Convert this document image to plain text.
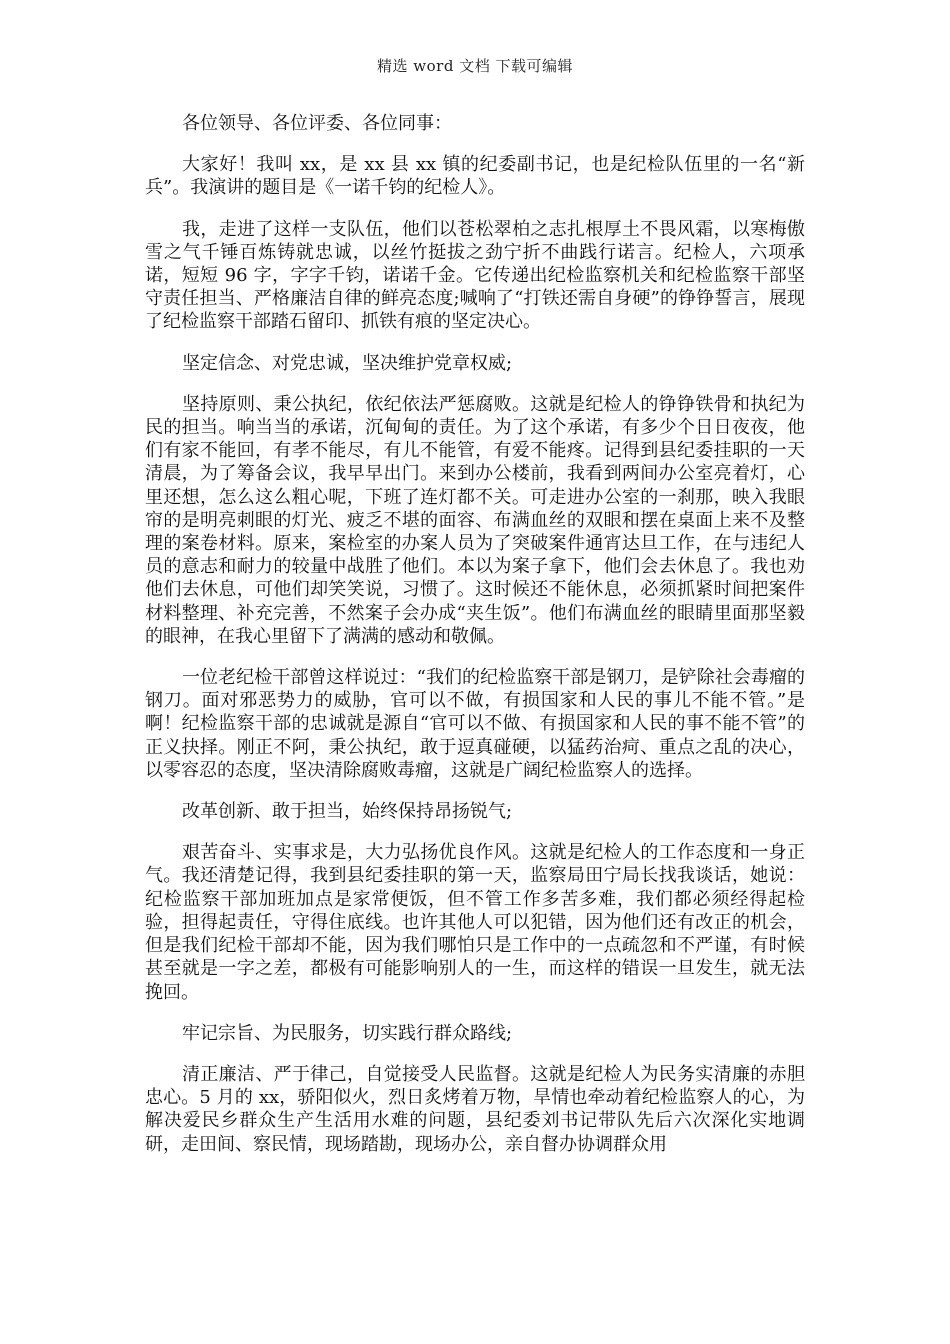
精选 word 文档 下载可编辑

各位领导、各位评委、各位同事：

大家好！我叫 xx，是 xx 县 xx 镇的纪委副书记，也是纪检队伍里的一名“新兵”。我演讲的题目是《一诺千钧的纪检人》。

我，走进了这样一支队伍，他们以苍松翠柏之志扎根厚土不畏风霜，以寒梅傲雪之气千锤百炼铸就忠诚，以丝竹挺拔之劲宁折不曲践行诺言。纪检人，六项承诺，短短 96 字，字字千钧，诺诺千金。它传递出纪检监察机关和纪检监察干部坚守责任担当、严格廉洁自律的鲜亮态度;喊响了“打铁还需自身硬”的铮铮誓言，展现了纪检监察干部踏石留印、抓铁有痕的坚定决心。

坚定信念、对党忠诚，坚决维护党章权威;

坚持原则、秉公执纪，依纪依法严惩腐败。这就是纪检人的铮铮铁骨和执纪为民的担当。响当当的承诺，沉甸甸的责任。为了这个承诺，有多少个日日夜夜，他们有家不能回，有孝不能尽，有儿不能管，有爱不能疼。记得到县纪委挂职的一天清晨，为了筹备会议，我早早出门。来到办公楼前，我看到两间办公室亮着灯，心里还想，怎么这么粗心呢，下班了连灯都不关。可走进办公室的一刹那，映入我眼帘的是明亮刺眼的灯光、疲乏不堪的面容、布满血丝的双眼和摆在桌面上来不及整理的案卷材料。原来，案检室的办案人员为了突破案件通宵达旦工作，在与违纪人员的意志和耐力的较量中战胜了他们。本以为案子拿下，他们会去休息了。我也劝他们去休息，可他们却笑笑说，习惯了。这时候还不能休息，必须抓紧时间把案件材料整理、补充完善，不然案子会办成“夹生饭”。他们布满血丝的眼睛里面那坚毅的眼神，在我心里留下了满满的感动和敬佩。

一位老纪检干部曾这样说过：“我们的纪检监察干部是钢刀，是铲除社会毒瘤的钢刀。面对邪恶势力的威胁，官可以不做，有损国家和人民的事儿不能不管。”是啊！纪检监察干部的忠诚就是源自“官可以不做、有损国家和人民的事不能不管”的正义抉择。刚正不阿，秉公执纪，敢于逗真碰硬，以猛药治疴、重点之乱的决心，以零容忍的态度，坚决清除腐败毒瘤，这就是广阔纪检监察人的选择。

改革创新、敢于担当，始终保持昂扬锐气;

艰苦奋斗、实事求是，大力弘扬优良作风。这就是纪检人的工作态度和一身正气。我还清楚记得，我到县纪委挂职的第一天，监察局田宁局长找我谈话，她说：纪检监察干部加班加点是家常便饭，但不管工作多苦多难，我们都必须经得起检验，担得起责任，守得住底线。也许其他人可以犯错，因为他们还有改正的机会，但是我们纪检干部却不能，因为我们哪怕只是工作中的一点疏忽和不严谨，有时候甚至就是一字之差，都极有可能影响别人的一生，而这样的错误一旦发生，就无法挽回。

牢记宗旨、为民服务，切实践行群众路线;

清正廉洁、严于律己，自觉接受人民监督。这就是纪检人为民务实清廉的赤胆忠心。5 月的 xx，骄阳似火，烈日炙烤着万物，旱情也牵动着纪检监察人的心，为解决爱民乡群众生产生活用水难的问题，县纪委刘书记带队先后六次深化实地调研，走田间、察民情，现场踏勘，现场办公，亲自督办协调群众用
